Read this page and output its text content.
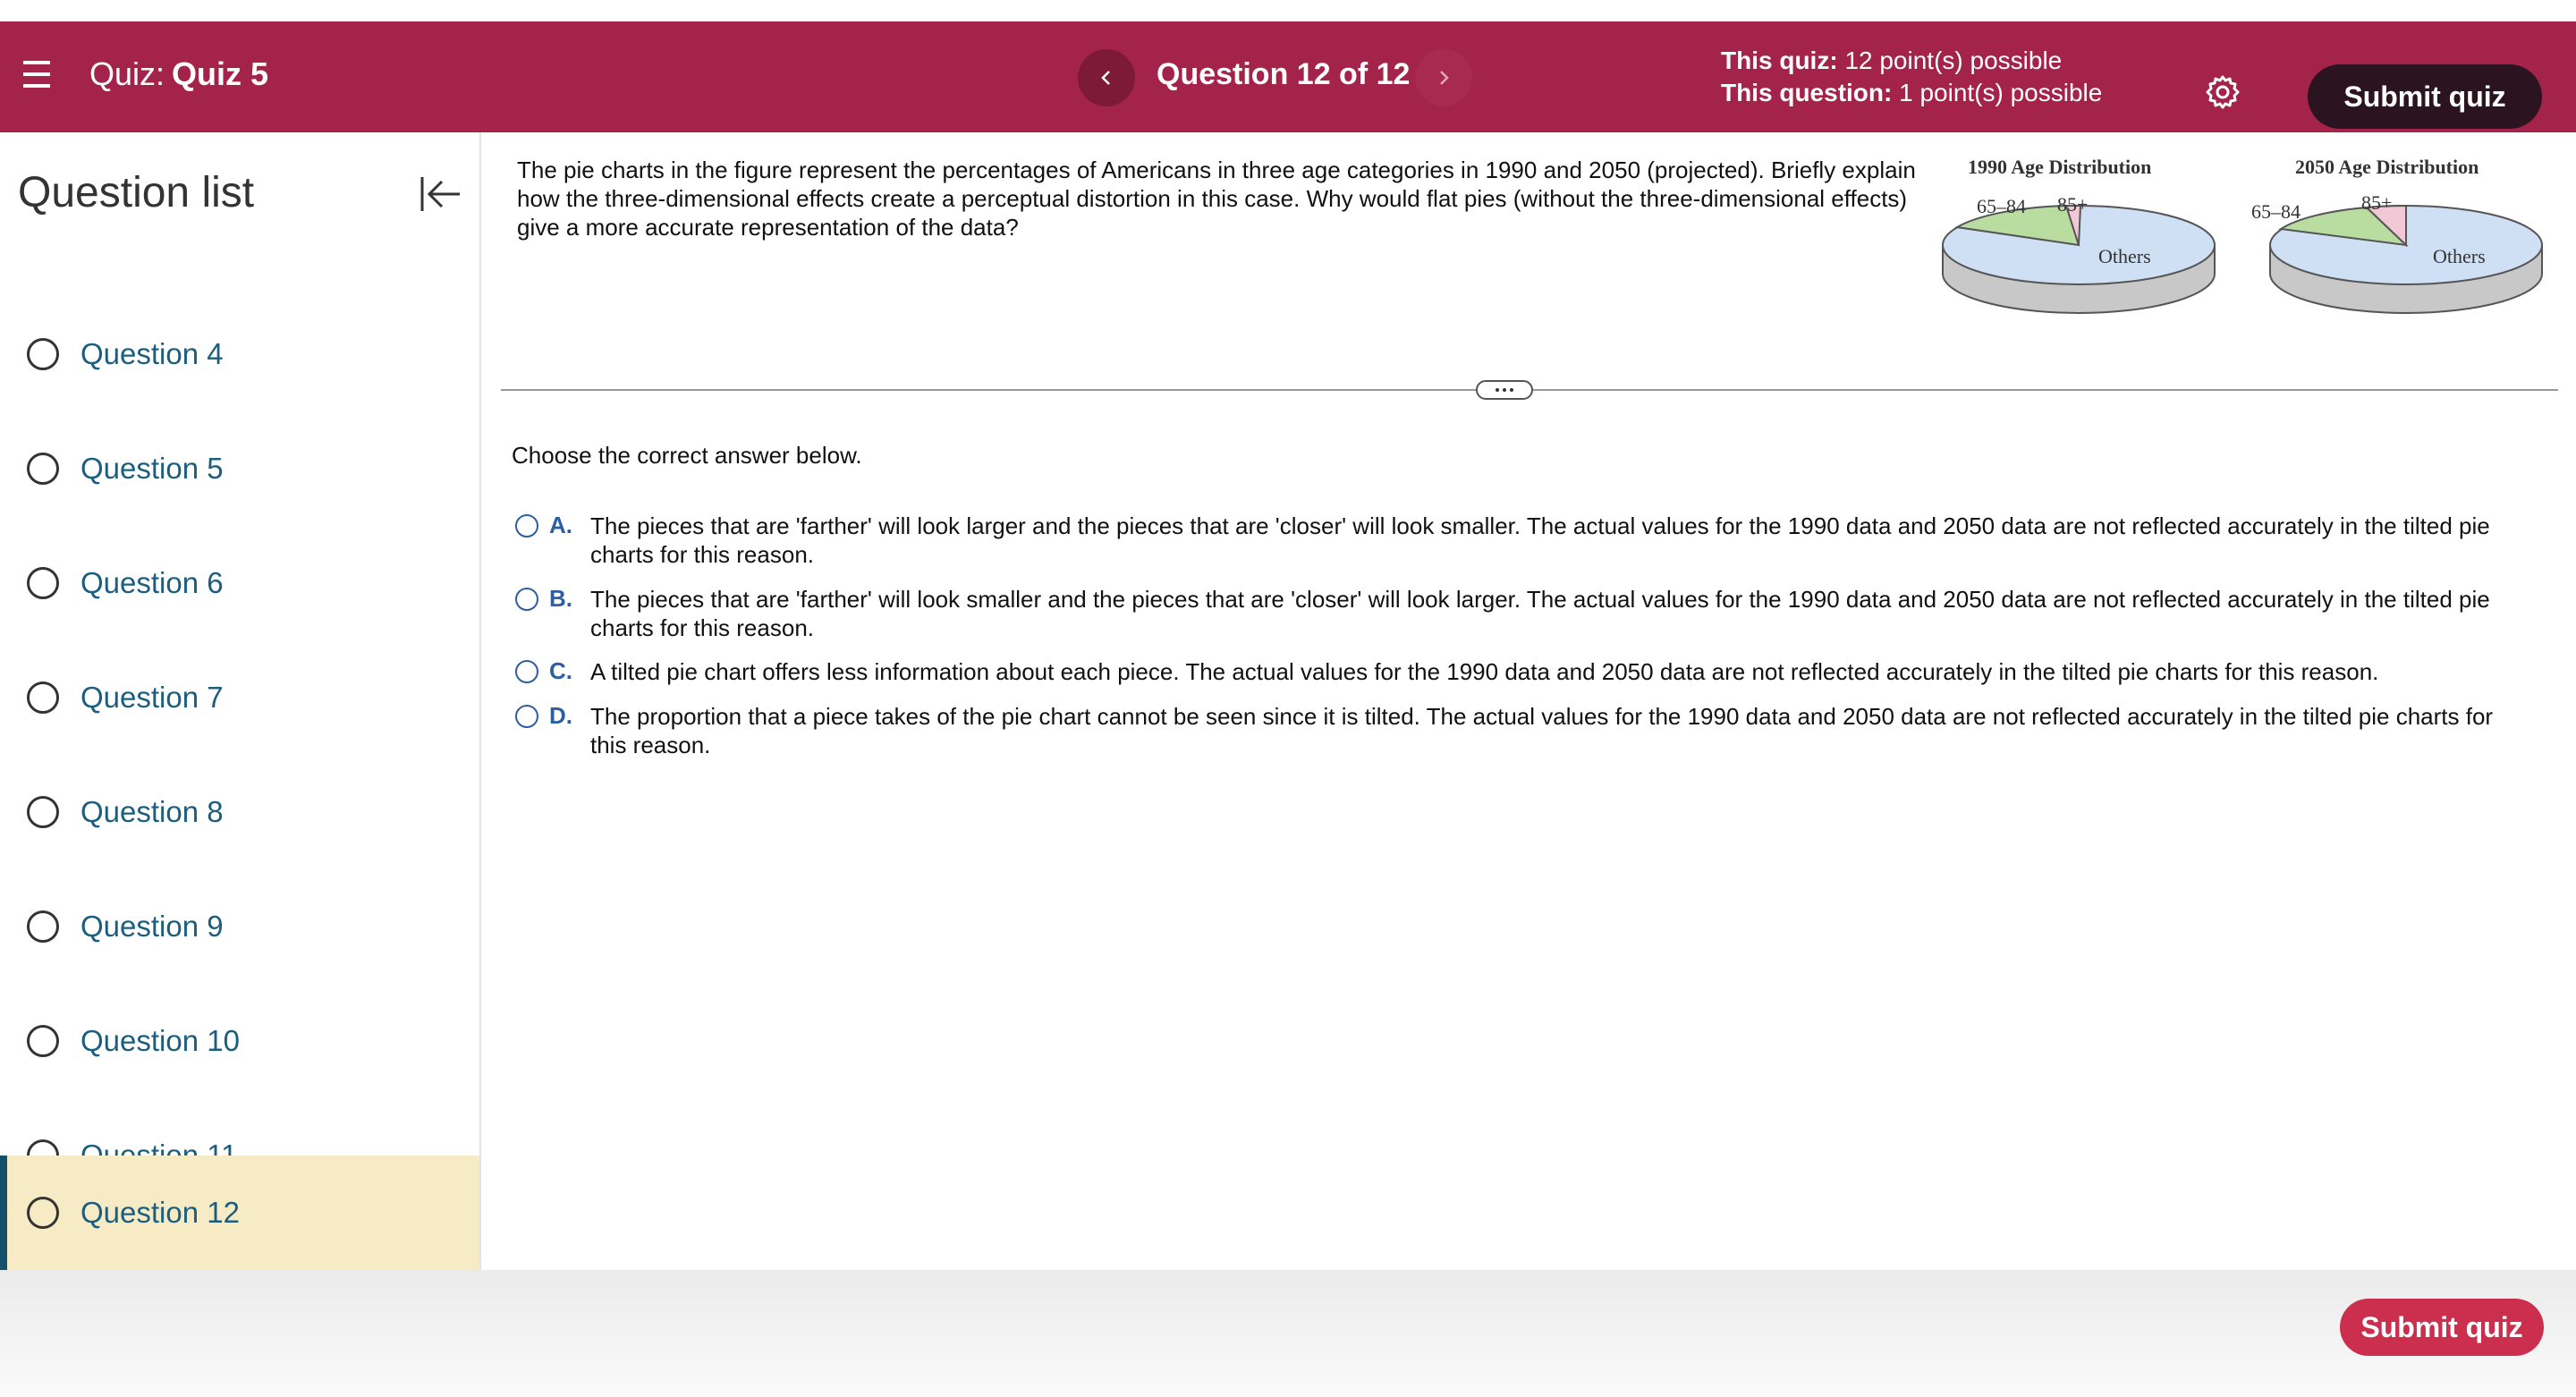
Quiz: Quiz 5	Question 12 of 12	This quiz: 12 point(s) possible
This question: 1 point(s) possible	Submit quiz
Question list
Question 4
Question 5
Question 6
Question 7
Question 8
Question 9
Question 10
Question 12
The pie charts in the figure represent the percentages of Americans in three age categories in 1990 and 2050 (projected). Briefly explain how the three-dimensional effects create a perceptual distortion in this case. Why would flat pies (without the three-dimensional effects) give a more accurate representation of the data?
1990 Age Distribution
65–84 85+
Others
2050 Age Distribution
65–84	85+
Others
Choose the correct answer below.
A. The pieces that are 'farther' will look larger and the pieces that are 'closer' will look smaller. The actual values for the 1990 data and 2050 data are not reflected accurately in the tilted pie charts for this reason.
B. The pieces that are 'farther' will look smaller and the pieces that are 'closer' will look larger. The actual values for the 1990 data and 2050 data are not reflected accurately in the tilted pie charts for this reason.
C. A tilted pie chart offers less information about each piece. The actual values for the 1990 data and 2050 data are not reflected accurately in the tilted pie charts for this reason.
D. The proportion that a piece takes of the pie chart cannot be seen since it is tilted. The actual values for the 1990 data and 2050 data are not reflected accurately in the tilted pie charts for this reason.
Submit quiz
